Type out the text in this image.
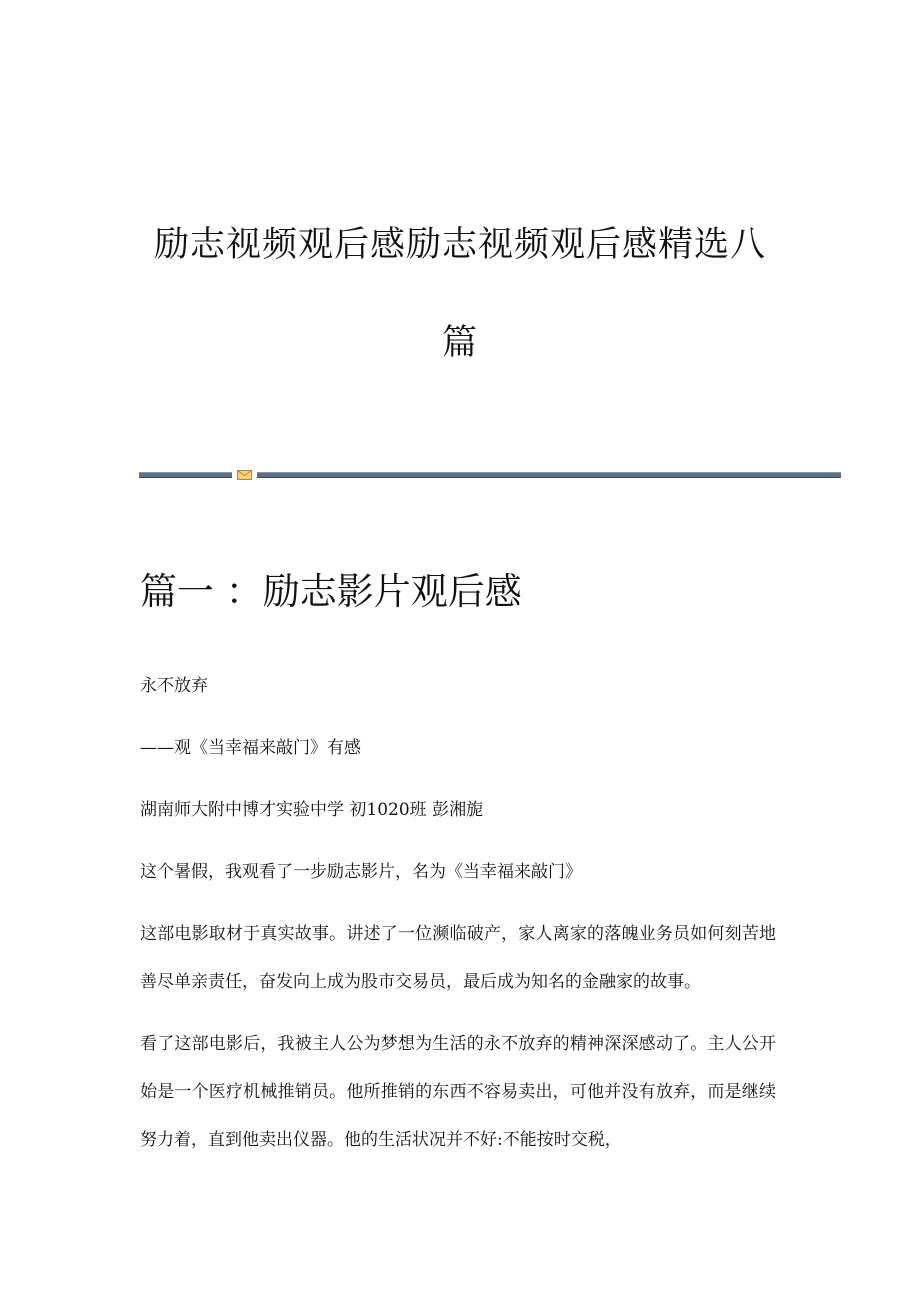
励志视频观后感励志视频观后感精选八篇
篇一 ：励志影片观后感

永不放弃

——观《当幸福来敲门》有感

湖南师大附中博才实验中学 初1020班 彭湘旎

这个暑假，我观看了一步励志影片，名为《当幸福来敲门》

这部电影取材于真实故事。讲述了一位濒临破产，家人离家的落魄业务员如何刻苦地善尽单亲责任，奋发向上成为股市交易员，最后成为知名的金融家的故事。

看了这部电影后，我被主人公为梦想为生活的永不放弃的精神深深感动了。主人公开始是一个医疗机械推销员。他所推销的东西不容易卖出，可他并没有放弃，而是继续努力着，直到他卖出仪器。他的生活状况并不好:不能按时交税，
